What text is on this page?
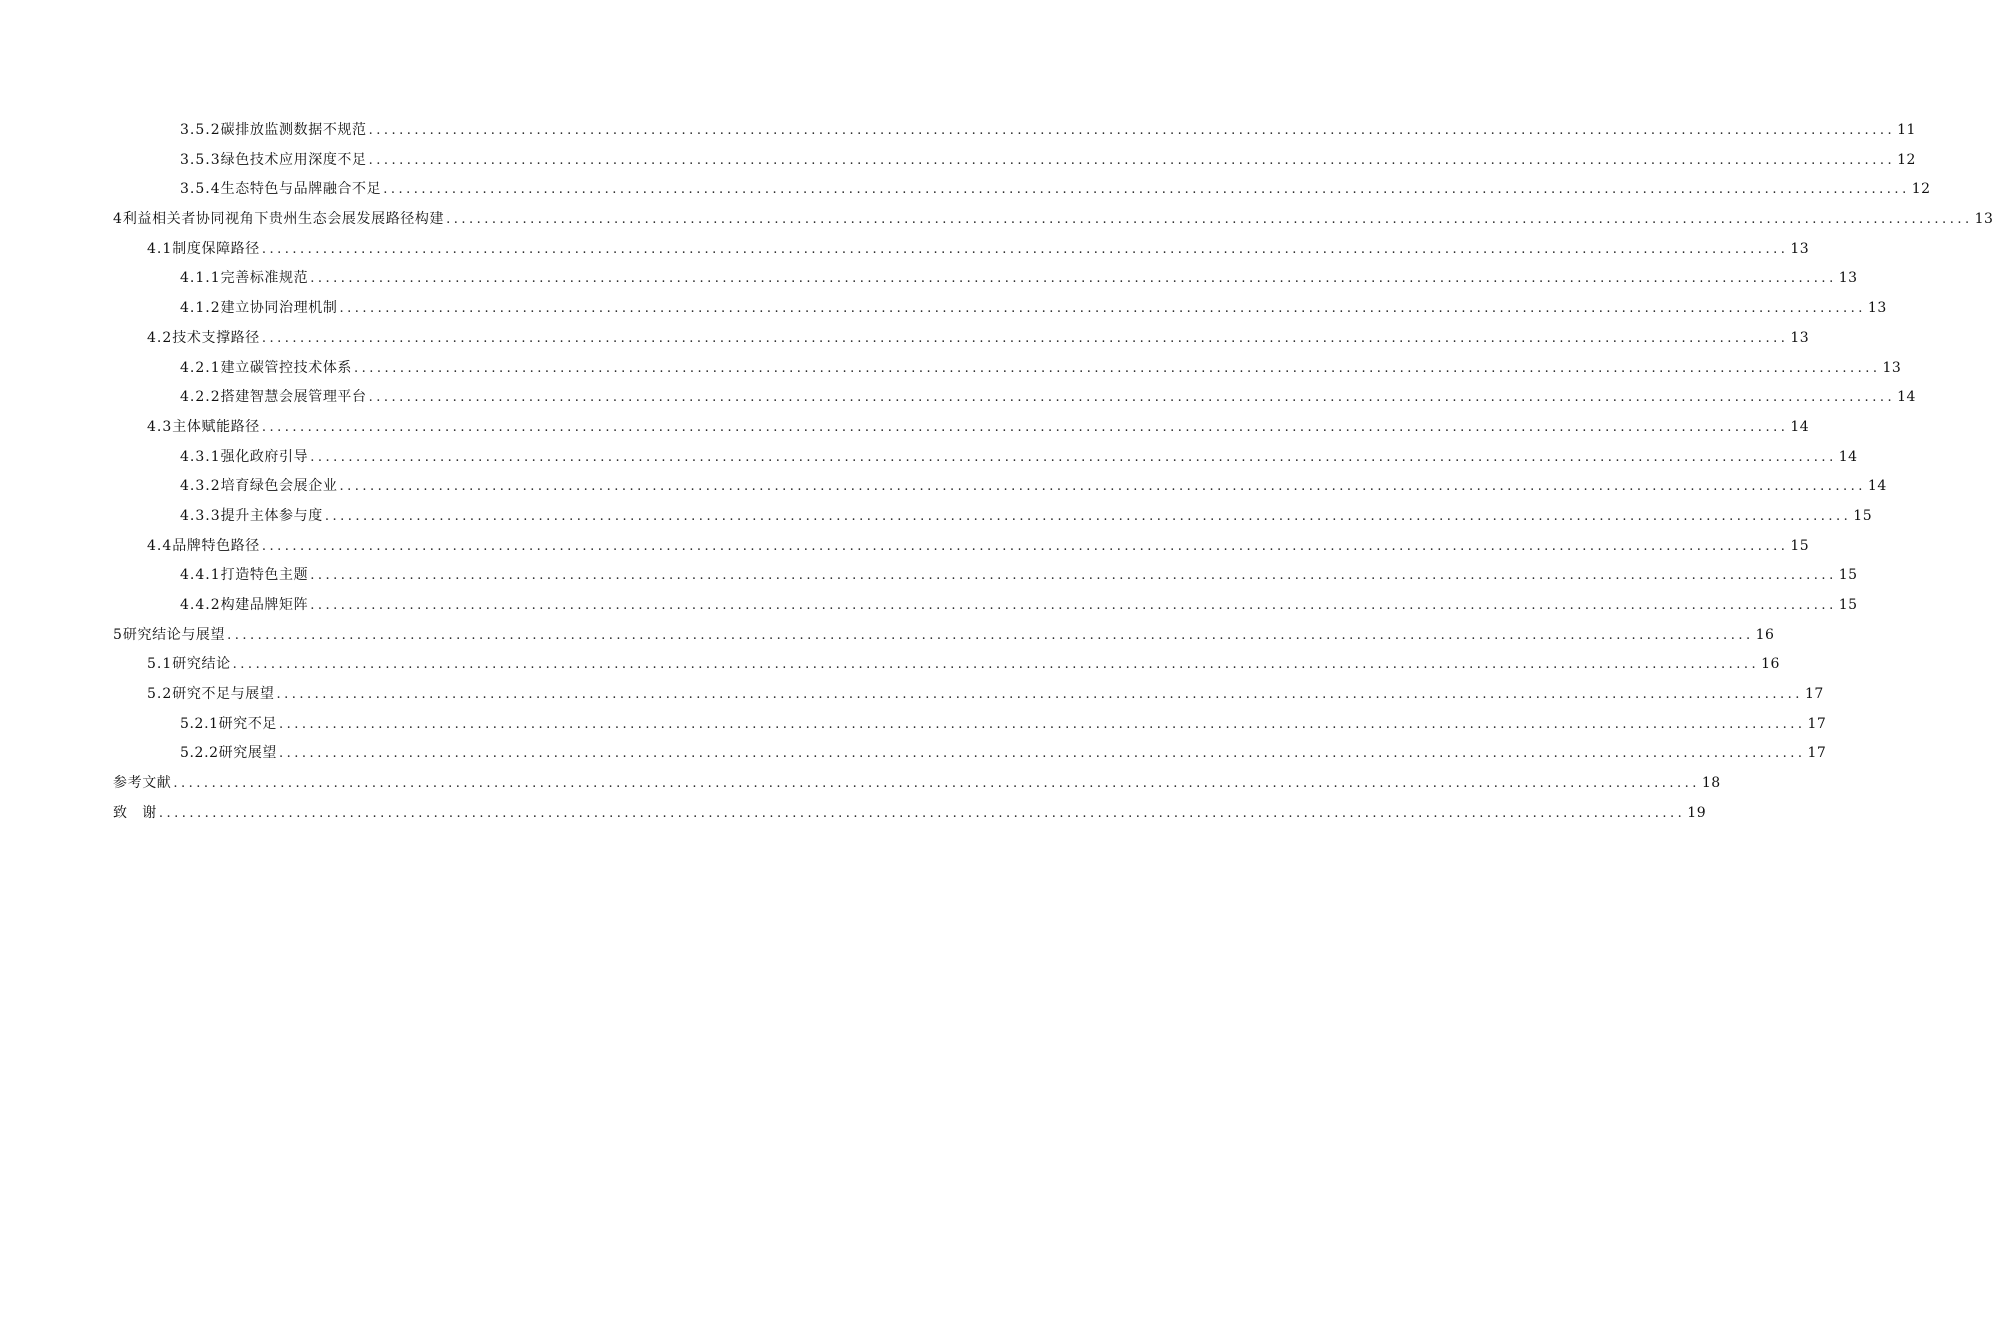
3.5.2 碳排放监测数据不规范 ........................................................................................................................................................................................................ 11
3.5.3 绿色技术应用深度不足 ........................................................................................................................................................................................................ 12
3.5.4 生态特色与品牌融合不足 ........................................................................................................................................................................................................ 12
4 利益相关者协同视角下贵州生态会展发展路径构建 ........................................................................................................................................................................................................ 13
4.1 制度保障路径 ........................................................................................................................................................................................................ 13
4.1.1 完善标准规范 ........................................................................................................................................................................................................ 13
4.1.2 建立协同治理机制 ........................................................................................................................................................................................................ 13
4.2 技术支撑路径 ........................................................................................................................................................................................................ 13
4.2.1 建立碳管控技术体系 ........................................................................................................................................................................................................ 13
4.2.2 搭建智慧会展管理平台 ........................................................................................................................................................................................................ 14
4.3 主体赋能路径 ........................................................................................................................................................................................................ 14
4.3.1 强化政府引导 ........................................................................................................................................................................................................ 14
4.3.2 培育绿色会展企业 ........................................................................................................................................................................................................ 14
4.3.3 提升主体参与度 ........................................................................................................................................................................................................ 15
4.4 品牌特色路径 ........................................................................................................................................................................................................ 15
4.4.1 打造特色主题 ........................................................................................................................................................................................................ 15
4.4.2 构建品牌矩阵 ........................................................................................................................................................................................................ 15
5 研究结论与展望 ........................................................................................................................................................................................................ 16
5.1 研究结论 ........................................................................................................................................................................................................ 16
5.2 研究不足与展望 ........................................................................................................................................................................................................ 17
5.2.1研究不足 ........................................................................................................................................................................................................ 17
5.2.2研究展望 ........................................................................................................................................................................................................ 17
参考文献 ........................................................................................................................................................................................................ 18
致　谢 ........................................................................................................................................................................................................ 19
